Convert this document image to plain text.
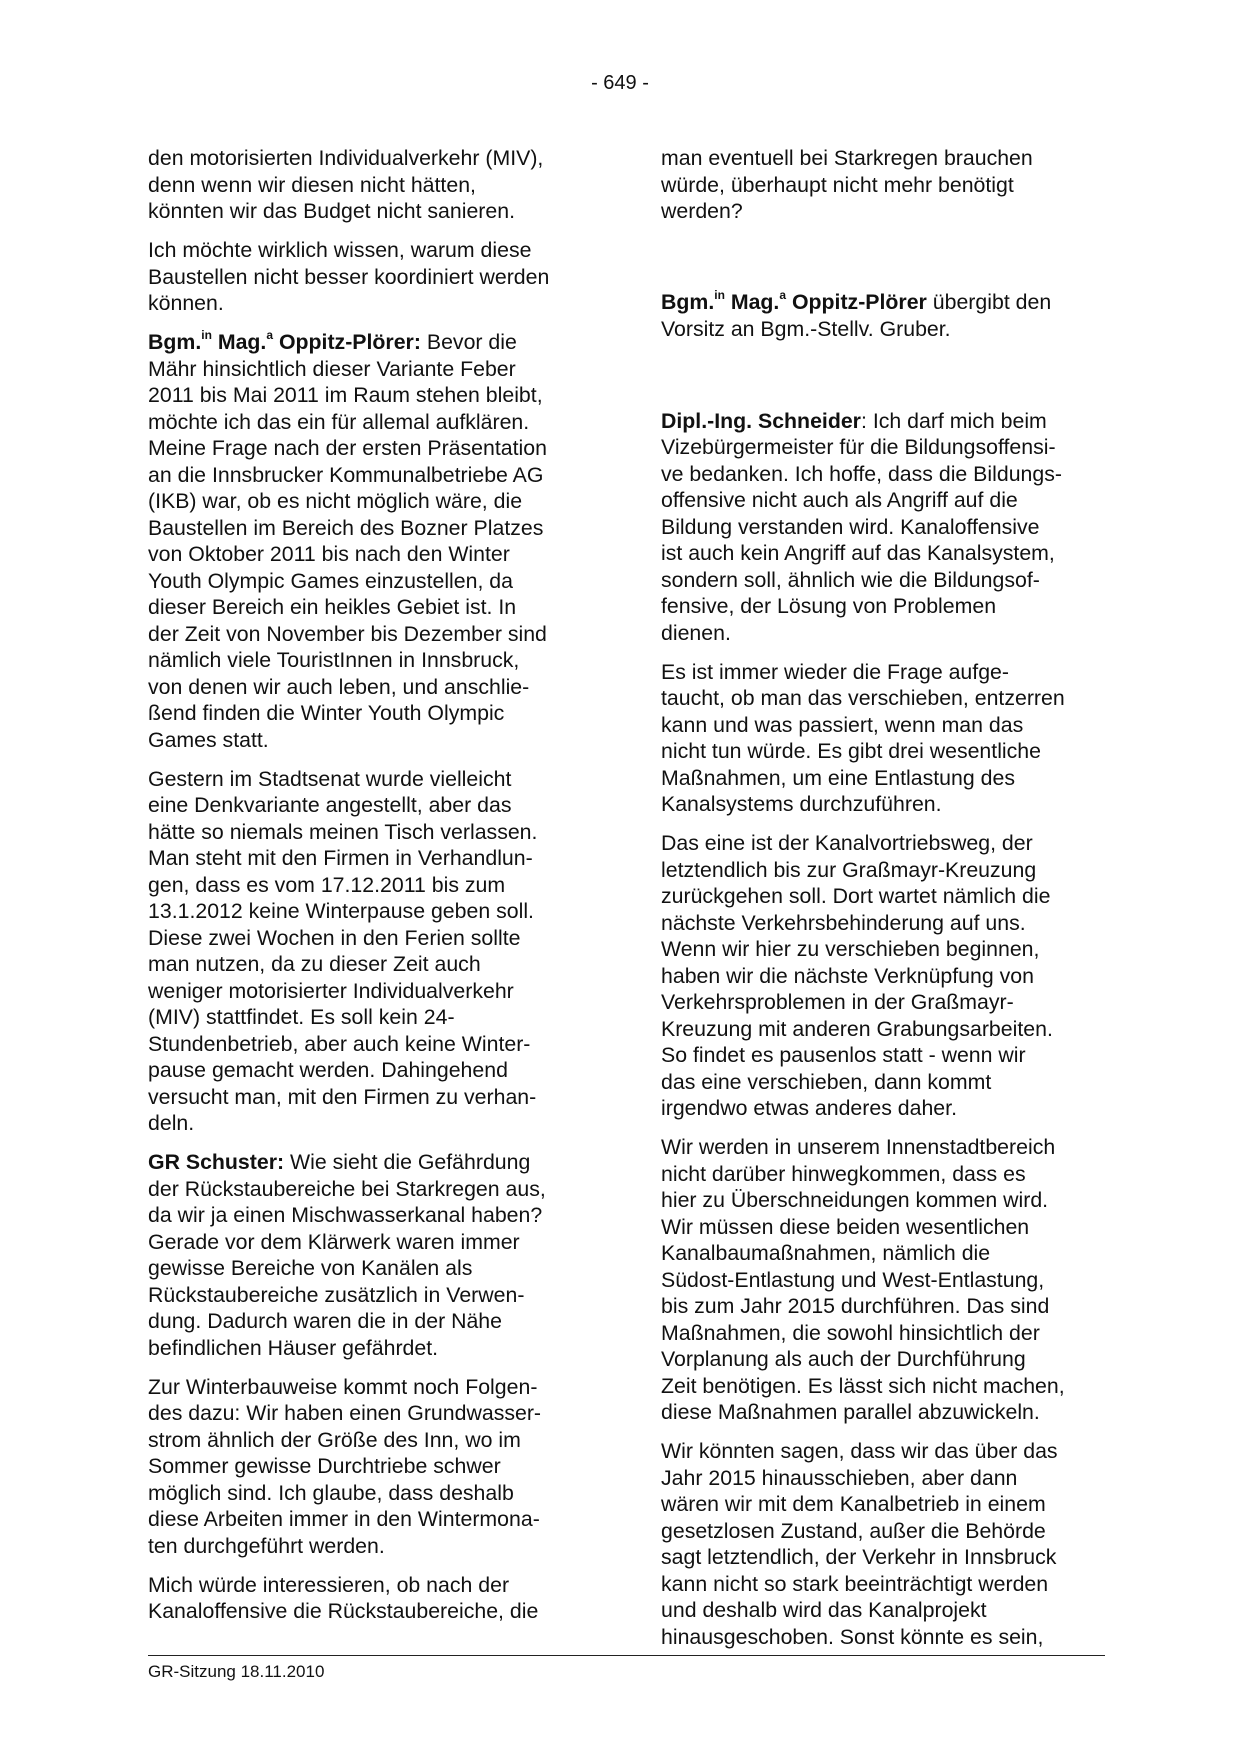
- 649 -
den motorisierten Individualverkehr (MIV),
denn wenn wir diesen nicht hätten,
könnten wir das Budget nicht sanieren.
Ich möchte wirklich wissen, warum diese
Baustellen nicht besser koordiniert werden
können.
Bgm.$^{in}$ Mag.$^a$ Oppitz-Plörer: Bevor die
Mähr hinsichtlich dieser Variante Feber
2011 bis Mai 2011 im Raum stehen bleibt,
möchte ich das ein für allemal aufklären.
Meine Frage nach der ersten Präsentation
an die Innsbrucker Kommunalbetriebe AG
(IKB) war, ob es nicht möglich wäre, die
Baustellen im Bereich des Bozner Platzes
von Oktober 2011 bis nach den Winter
Youth Olympic Games einzustellen, da
dieser Bereich ein heikles Gebiet ist. In
der Zeit von November bis Dezember sind
nämlich viele TouristInnen in Innsbruck,
von denen wir auch leben, und anschlie-
ßend finden die Winter Youth Olympic
Games statt.
Gestern im Stadtsenat wurde vielleicht
eine Denkvariante angestellt, aber das
hätte so niemals meinen Tisch verlassen.
Man steht mit den Firmen in Verhandlun-
gen, dass es vom 17.12.2011 bis zum
13.1.2012 keine Winterpause geben soll.
Diese zwei Wochen in den Ferien sollte
man nutzen, da zu dieser Zeit auch
weniger motorisierter Individualverkehr
(MIV) stattfindet. Es soll kein 24-
Stundenbetrieb, aber auch keine Winter-
pause gemacht werden. Dahingehend
versucht man, mit den Firmen zu verhan-
deln.
GR Schuster: Wie sieht die Gefährdung
der Rückstaubereiche bei Starkregen aus,
da wir ja einen Mischwasserkanal haben?
Gerade vor dem Klärwerk waren immer
gewisse Bereiche von Kanälen als
Rückstaubereiche zusätzlich in Verwen-
dung. Dadurch waren die in der Nähe
befindlichen Häuser gefährdet.
Zur Winterbauweise kommt noch Folgen-
des dazu: Wir haben einen Grundwasser-
strom ähnlich der Größe des Inn, wo im
Sommer gewisse Durchtriebe schwer
möglich sind. Ich glaube, dass deshalb
diese Arbeiten immer in den Wintermona-
ten durchgeführt werden.
Mich würde interessieren, ob nach der
Kanaloffensive die Rückstaubereiche, die
man eventuell bei Starkregen brauchen
würde, überhaupt nicht mehr benötigt
werden?
Bgm.$^{in}$ Mag.$^a$ Oppitz-Plörer übergibt den
Vorsitz an Bgm.-Stellv. Gruber.
Dipl.-Ing. Schneider: Ich darf mich beim
Vizebürgermeister für die Bildungsoffensi-
ve bedanken. Ich hoffe, dass die Bildungs-
offensive nicht auch als Angriff auf die
Bildung verstanden wird. Kanaloffensive
ist auch kein Angriff auf das Kanalsystem,
sondern soll, ähnlich wie die Bildungsof-
fensive, der Lösung von Problemen
dienen.
Es ist immer wieder die Frage aufge-
taucht, ob man das verschieben, entzerren
kann und was passiert, wenn man das
nicht tun würde. Es gibt drei wesentliche
Maßnahmen, um eine Entlastung des
Kanalsystems durchzuführen.
Das eine ist der Kanalvortriebsweg, der
letztendlich bis zur Graßmayr-Kreuzung
zurückgehen soll. Dort wartet nämlich die
nächste Verkehrsbehinderung auf uns.
Wenn wir hier zu verschieben beginnen,
haben wir die nächste Verknüpfung von
Verkehrsproblemen in der Graßmayr-
Kreuzung mit anderen Grabungsarbeiten.
So findet es pausenlos statt - wenn wir
das eine verschieben, dann kommt
irgendwo etwas anderes daher.
Wir werden in unserem Innenstadtbereich
nicht darüber hinwegkommen, dass es
hier zu Überschneidungen kommen wird.
Wir müssen diese beiden wesentlichen
Kanalbaumaßnahmen, nämlich die
Südost-Entlastung und West-Entlastung,
bis zum Jahr 2015 durchführen. Das sind
Maßnahmen, die sowohl hinsichtlich der
Vorplanung als auch der Durchführung
Zeit benötigen. Es lässt sich nicht machen,
diese Maßnahmen parallel abzuwickeln.
Wir könnten sagen, dass wir das über das
Jahr 2015 hinausschieben, aber dann
wären wir mit dem Kanalbetrieb in einem
gesetzlosen Zustand, außer die Behörde
sagt letztendlich, der Verkehr in Innsbruck
kann nicht so stark beeinträchtigt werden
und deshalb wird das Kanalprojekt
hinausgeschoben. Sonst könnte es sein,
GR-Sitzung 18.11.2010
